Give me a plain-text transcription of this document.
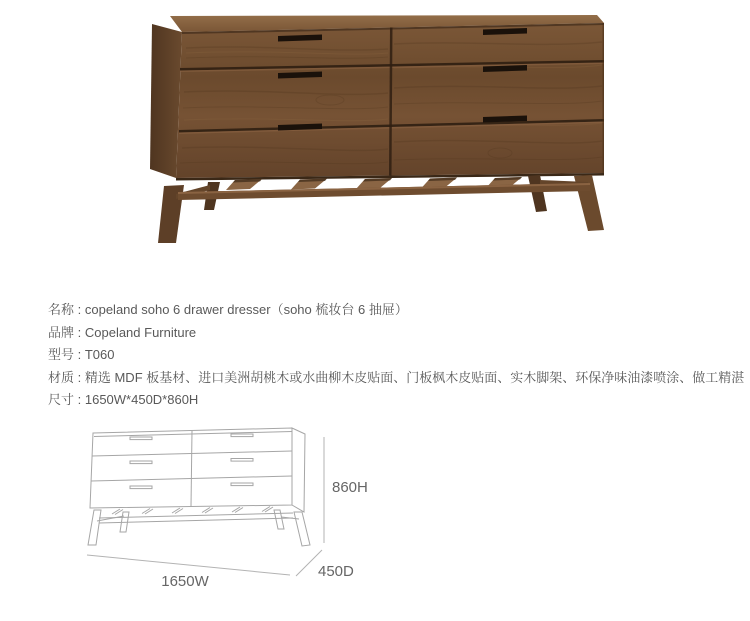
名称 : copeland soho 6 drawer dresser（soho 梳妆台 6 抽屉）
品牌 : Copeland Furniture
型号 : T060
材质 : 精选 MDF 板基材、进口美洲胡桃木或水曲柳木皮贴面、门板枫木皮贴面、实木脚架、环保净味油漆喷涂、做工精湛
尺寸 : 1650W*450D*860H
860H
1650W
450D
